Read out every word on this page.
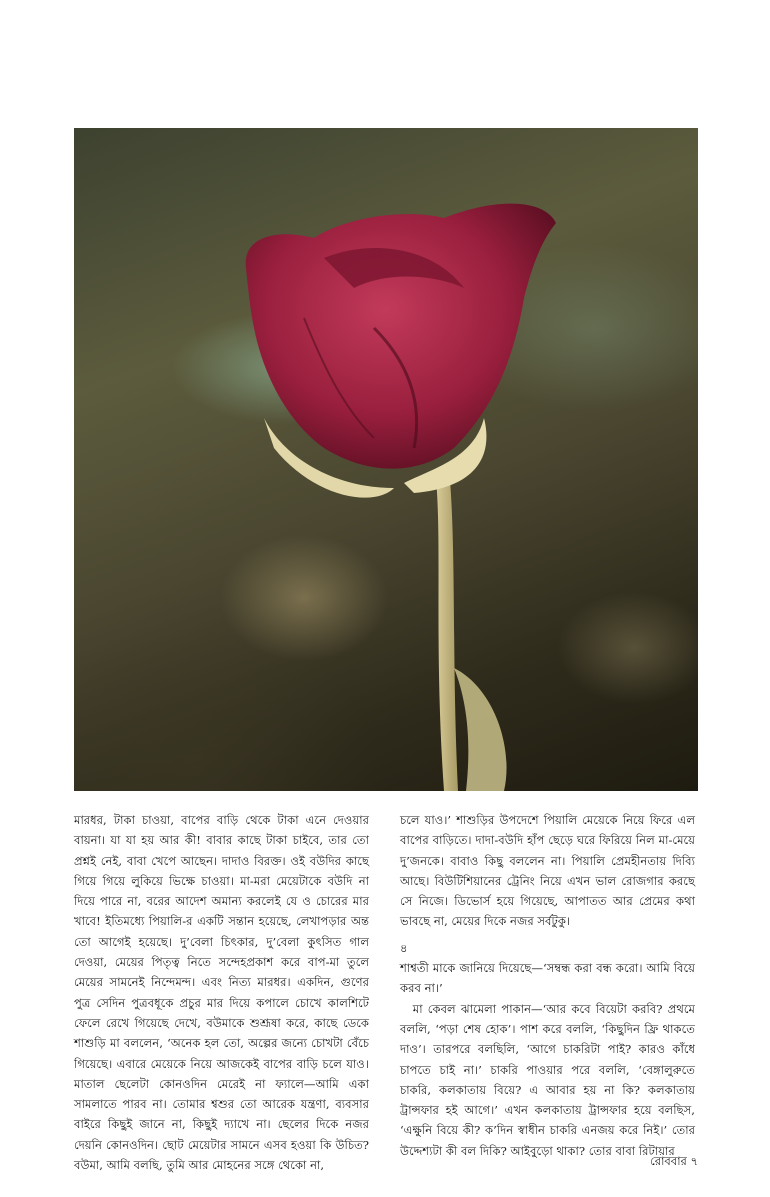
মারধর, টাকা চাওয়া, বাপের বাড়ি থেকে টাকা এনে দেওয়ার বায়না। যা যা হয় আর কী! বাবার কাছে টাকা চাইবে, তার তো প্রশ্নই নেই, বাবা খেপে আছেন। দাদাও বিরক্ত। ওই বউদির কাছে গিয়ে গিয়ে লুকিয়ে ভিক্ষে চাওয়া। মা-মরা মেয়েটাকে বউদি না দিয়ে পারে না, বরের আদেশ অমান্য করলেই যে ও চোরের মার খাবে! ইতিমধ্যে পিয়ালি-র একটি সন্তান হয়েছে, লেখাপড়ার অন্ত তো আগেই হয়েছে। দু’বেলা চিৎকার, দু’বেলা কুৎসিত গাল দেওয়া, মেয়ের পিতৃত্ব নিতে সন্দেহপ্রকাশ করে বাপ-মা তুলে মেয়ের সামনেই নিন্দেমন্দ। এবং নিত্য মারধর। একদিন, গুণের পুত্র সেদিন পুত্রবধূকে প্রচুর মার দিয়ে কপালে চোখে কালশিটে ফেলে রেখে গিয়েছে দেখে, বউমাকে শুশ্রূষা করে, কাছে ডেকে শাশুড়ি মা বললেন, ‘অনেক হল তো, অল্পের জন্যে চোখটা বেঁচে গিয়েছে। এবারে মেয়েকে নিয়ে আজকেই বাপের বাড়ি চলে যাও। মাতাল ছেলেটা কোনওদিন মেরেই না ফ্যালে—আমি একা সামলাতে পারব না। তোমার শ্বশুর তো আরেক যন্ত্রণা, ব্যবসার বাইরে কিছুই জানে না, কিছুই দ্যাখে না। ছেলের দিকে নজর দেয়নি কোনওদিন। ছোট মেয়েটার সামনে এসব হওয়া কি উচিত? বউমা, আমি বলছি, তুমি আর মোহনের সঙ্গে থেকো না,

চলে যাও।’ শাশুড়ির উপদেশে পিয়ালি মেয়েকে নিয়ে ফিরে এল বাপের বাড়িতে। দাদা-বউদি হাঁপ ছেড়ে ঘরে ফিরিয়ে নিল মা-মেয়ে দু’জনকে। বাবাও কিছু বললেন না। পিয়ালি প্রেমহীনতায় দিব্যি আছে। বিউটিশিয়ানের ট্রেনিং নিয়ে এখন ভাল রোজগার করছে সে নিজে। ডিভোর্স হয়ে গিয়েছে, আপাতত আর প্রেমের কথা ভাবছে না, মেয়ের দিকে নজর সর্বটুকু।

৪

শাশ্বতী মাকে জানিয়ে দিয়েছে—‘সম্বন্ধ করা বন্ধ করো। আমি বিয়ে করব না।’

মা কেবল ঝামেলা পাকান—‘আর কবে বিয়েটা করবি? প্রথমে বললি, ‘পড়া শেষ হোক’। পাশ করে বললি, ‘কিছুদিন ফ্রি থাকতে দাও’। তারপরে বলছিলি, ‘আগে চাকরিটা পাই? কারও কাঁধে চাপতে চাই না।’ চাকরি পাওয়ার পরে বললি, ‘বেঙ্গালুরুতে চাকরি, কলকাতায় বিয়ে? এ আবার হয় না কি? কলকাতায় ট্রান্সফার হই আগে।’ এখন কলকাতায় ট্রান্সফার হয়ে বলছিস, ‘এক্ষুনি বিয়ে কী? ক’দিন স্বাধীন চাকরি এনজয় করে নিই।’ তোর উদ্দেশ্যটা কী বল দিকি? আইবুড়ো থাকা? তোর বাবা রিটায়ার

রোববার ৭
